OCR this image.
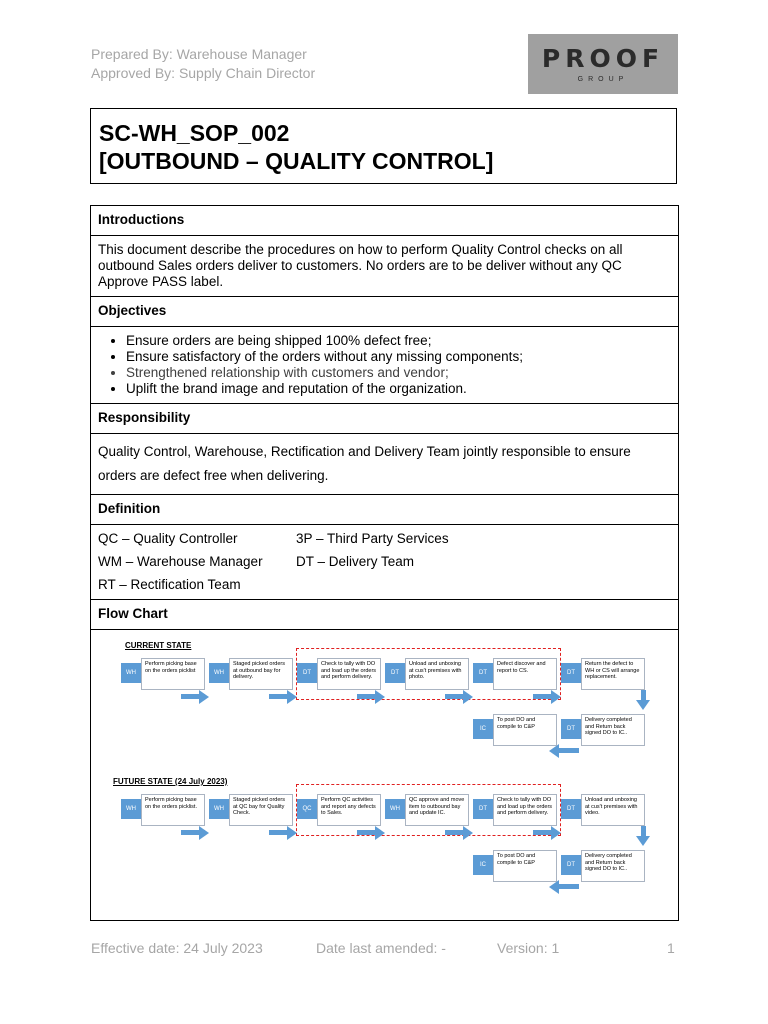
Prepared By: Warehouse Manager
Approved By: Supply Chain Director
PROOF
GROUP
SC-WH_SOP_002
[OUTBOUND – QUALITY CONTROL]
Introductions
This document describe the procedures on how to perform Quality Control checks on all outbound Sales orders deliver to customers. No orders are to be deliver without any QC Approve PASS label.
Objectives

• Ensure orders are being shipped 100% defect free;
• Ensure satisfactory of the orders without any missing components;
• Strengthened relationship with customers and vendor;
• Uplift the brand image and reputation of the organization.

Responsibility
Quality Control, Warehouse, Rectification and Delivery Team jointly responsible to ensure orders are defect free when delivering.
Definition

QC – Quality Controller	3P – Third Party Services
WM – Warehouse Manager	DT – Delivery Team
RT – Rectification Team

Flow Chart

CURRENT STATE
WH
Perform picking base on the orders picklist	WH
Staged picked orders at outbound bay for delivery.
DT
Check to tally with DO and load up the orders and perform delivery.
DT
Unload and unboxing at cus't premises with photo.
DT
Defect discover and report to CS.	DT
Return the defect to WH or CS will arrange replacement.
IC
To post DO and compile to C&P	DT
Delivery completed and Return back signed DO to IC..
FUTURE STATE (24 July 2023)
WH
Perform picking base on the orders picklist.	WH
Staged picked orders at QC bay for Quality Check.
QC
Perform QC activities and report any defects to Sales.
WH
QC approve and move item to outbound bay and update IC.
DT
Check to tally with DO and load up the orders and perform delivery.
DT
Unload and unboxing at cus't premises with video.
IC
To post DO and compile to C&P	DT
Delivery completed and Return back signed DO to IC..
Effective date: 24 July 2023	Date last amended: -	Version: 1	1
